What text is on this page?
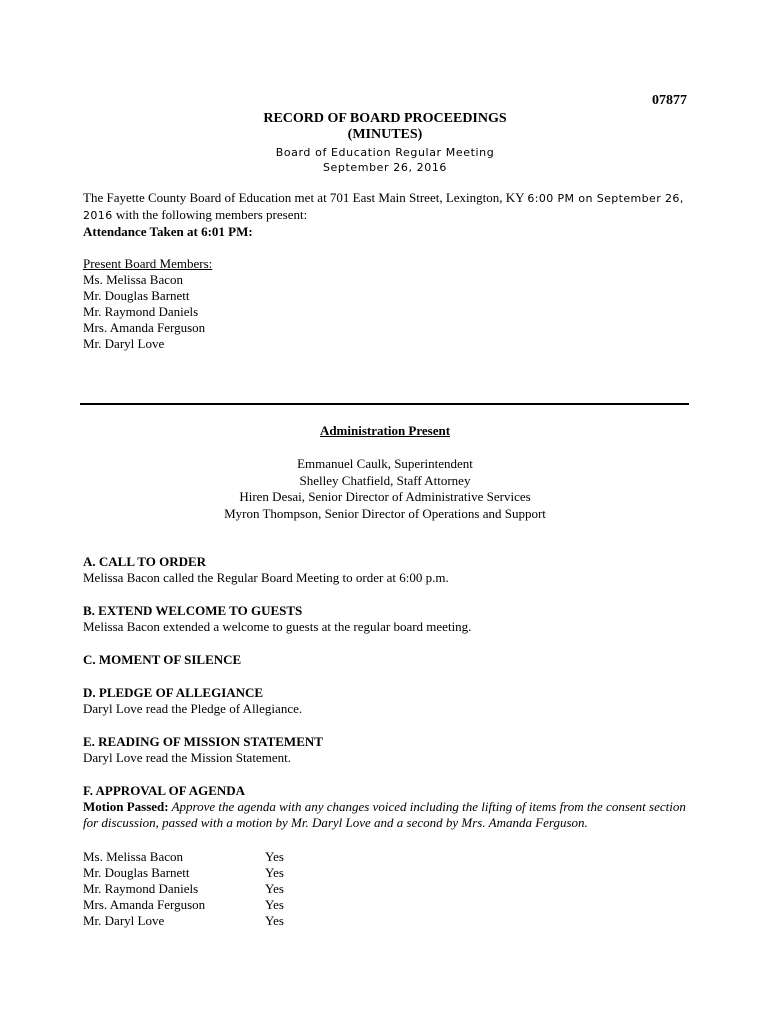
07877
RECORD OF BOARD PROCEEDINGS
(MINUTES)
Board of Education Regular Meeting
September 26, 2016
The Fayette County Board of Education met at 701 East Main Street, Lexington, KY 6:00 PM on September 26, 2016 with the following members present:
Attendance Taken at 6:01 PM:
Present Board Members:
Ms. Melissa Bacon
Mr. Douglas Barnett
Mr. Raymond Daniels
Mrs. Amanda Ferguson
Mr. Daryl Love
Administration Present
Emmanuel Caulk, Superintendent
Shelley Chatfield, Staff Attorney
Hiren Desai, Senior Director of Administrative Services
Myron Thompson, Senior Director of Operations and Support
A. CALL TO ORDER
Melissa Bacon called the Regular Board Meeting to order at 6:00 p.m.
B. EXTEND WELCOME TO GUESTS
Melissa Bacon extended a welcome to guests at the regular board meeting.
C. MOMENT OF SILENCE
D. PLEDGE OF ALLEGIANCE
Daryl Love read the Pledge of Allegiance.
E. READING OF MISSION STATEMENT
Daryl Love read the Mission Statement.
F. APPROVAL OF AGENDA
Motion Passed: Approve the agenda with any changes voiced including the lifting of items from the consent section for discussion, passed with a motion by Mr. Daryl Love and a second by Mrs. Amanda Ferguson.
Ms. Melissa Bacon	Yes
Mr. Douglas Barnett	Yes
Mr. Raymond Daniels	Yes
Mrs. Amanda Ferguson	Yes
Mr. Daryl Love	Yes
